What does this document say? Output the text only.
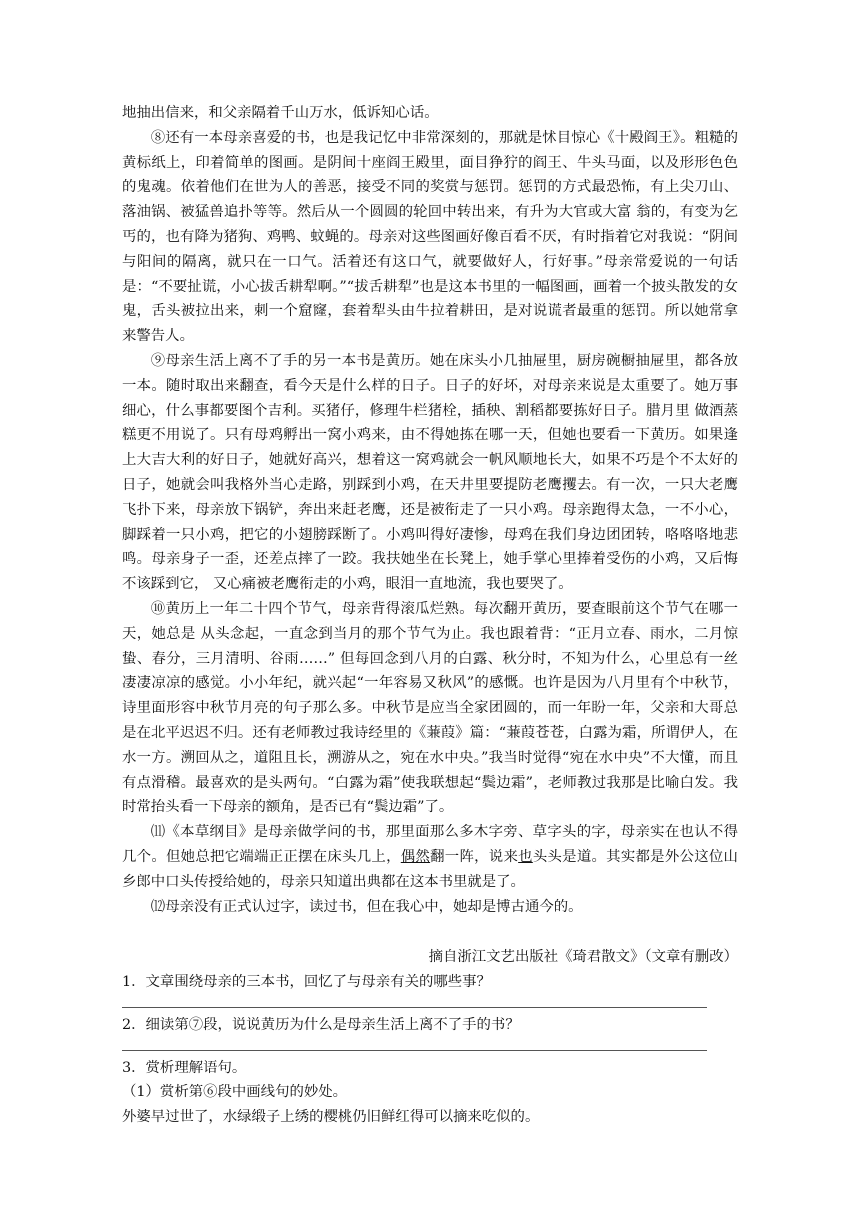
地抽出信来，和父亲隔着千山万水，低诉知心话。

⑧还有一本母亲喜爱的书，也是我记忆中非常深刻的，那就是怵目惊心《十殿阎王》。粗糙的黄标纸上，印着简单的图画。是阴间十座阎王殿里，面目狰狞的阎王、牛头马面，以及形形色色的鬼魂。依着他们在世为人的善恶，接受不同的奖赏与惩罚。惩罚的方式最恐怖，有上尖刀山、落油锅、被猛兽追扑等等。然后从一个圆圆的轮回中转出来，有升为大官或大富 翁的，有变为乞丐的，也有降为猪狗、鸡鸭、蚊蝇的。母亲对这些图画好像百看不厌，有时指着它对我说：“阴间与阳间的隔离，就只在一口气。活着还有这口气，就要做好人，行好事。”母亲常爱说的一句话是：“不要扯谎，小心拔舌耕犁啊。”“拔舌耕犁”也是这本书里的一幅图画，画着一个披头散发的女鬼，舌头被拉出来，刺一个窟窿，套着犁头由牛拉着耕田，是对说谎者最重的惩罚。所以她常拿来警告人。

⑨母亲生活上离不了手的另一本书是黄历。她在床头小几抽屉里，厨房碗橱抽屉里，都各放一本。随时取出来翻查，看今天是什么样的日子。日子的好坏，对母亲来说是太重要了。她万事细心，什么事都要图个吉利。买猪仔，修理牛栏猪栓，插秧、割稻都要拣好日子。腊月里 做酒蒸糕更不用说了。只有母鸡孵出一窝小鸡来，由不得她拣在哪一天，但她也要看一下黄历。如果逢上大吉大利的好日子，她就好高兴，想着这一窝鸡就会一帆风顺地长大，如果不巧是个不太好的日子，她就会叫我格外当心走路，别踩到小鸡，在天井里要提防老鹰攫去。有一次，一只大老鹰飞扑下来，母亲放下锅铲，奔出来赶老鹰，还是被衔走了一只小鸡。母亲跑得太急，一不小心，脚踩着一只小鸡，把它的小翅膀踩断了。小鸡叫得好凄惨，母鸡在我们身边团团转，咯咯咯地悲鸣。母亲身子一歪，还差点摔了一跤。我扶她坐在长凳上，她手掌心里捧着受伤的小鸡，又后悔不该踩到它， 又心痛被老鹰衔走的小鸡，眼泪一直地流，我也要哭了。

⑩黄历上一年二十四个节气，母亲背得滚瓜烂熟。每次翻开黄历，要查眼前这个节气在哪一天，她总是 从头念起，一直念到当月的那个节气为止。我也跟着背：“正月立春、雨水，二月惊蛰、春分，三月清明、谷雨……” 但每回念到八月的白露、秋分时，不知为什么，心里总有一丝凄凄凉凉的感觉。小小年纪，就兴起“一年容易又秋风”的感慨。也许是因为八月里有个中秋节，诗里面形容中秋节月亮的句子那么多。中秋节是应当全家团圆的，而一年盼一年，父亲和大哥总是在北平迟迟不归。还有老师教过我诗经里的《蒹葭》篇：“蒹葭苍苍，白露为霜，所谓伊人，在水一方。溯回从之，道阻且长，溯游从之，宛在水中央。”我当时觉得“宛在水中央”不大懂，而且有点滑稽。最喜欢的是头两句。“白露为霜”使我联想起“鬓边霜”，老师教过我那是比喻白发。我时常抬头看一下母亲的额角，是否已有“鬓边霜”了。

⑾《本草纲目》是母亲做学问的书，那里面那么多木字旁、草字头的字，母亲实在也认不得几个。但她总把它端端正正摆在床头几上，偶然翻一阵，说来也头头是道。其实都是外公这位山乡郎中口头传授给她的，母亲只知道出典都在这本书里就是了。

⑿母亲没有正式认过字，读过书，但在我心中，她却是博古通今的。

摘自浙江文艺出版社《琦君散文》（文章有删改）

1．文章围绕母亲的三本书，回忆了与母亲有关的哪些事？

2．细读第⑦段，说说黄历为什么是母亲生活上离不了手的书？

3．赏析理解语句。

（1）赏析第⑥段中画线句的妙处。

外婆早过世了，水绿缎子上绣的樱桃仍旧鲜红得可以摘来吃似的。
